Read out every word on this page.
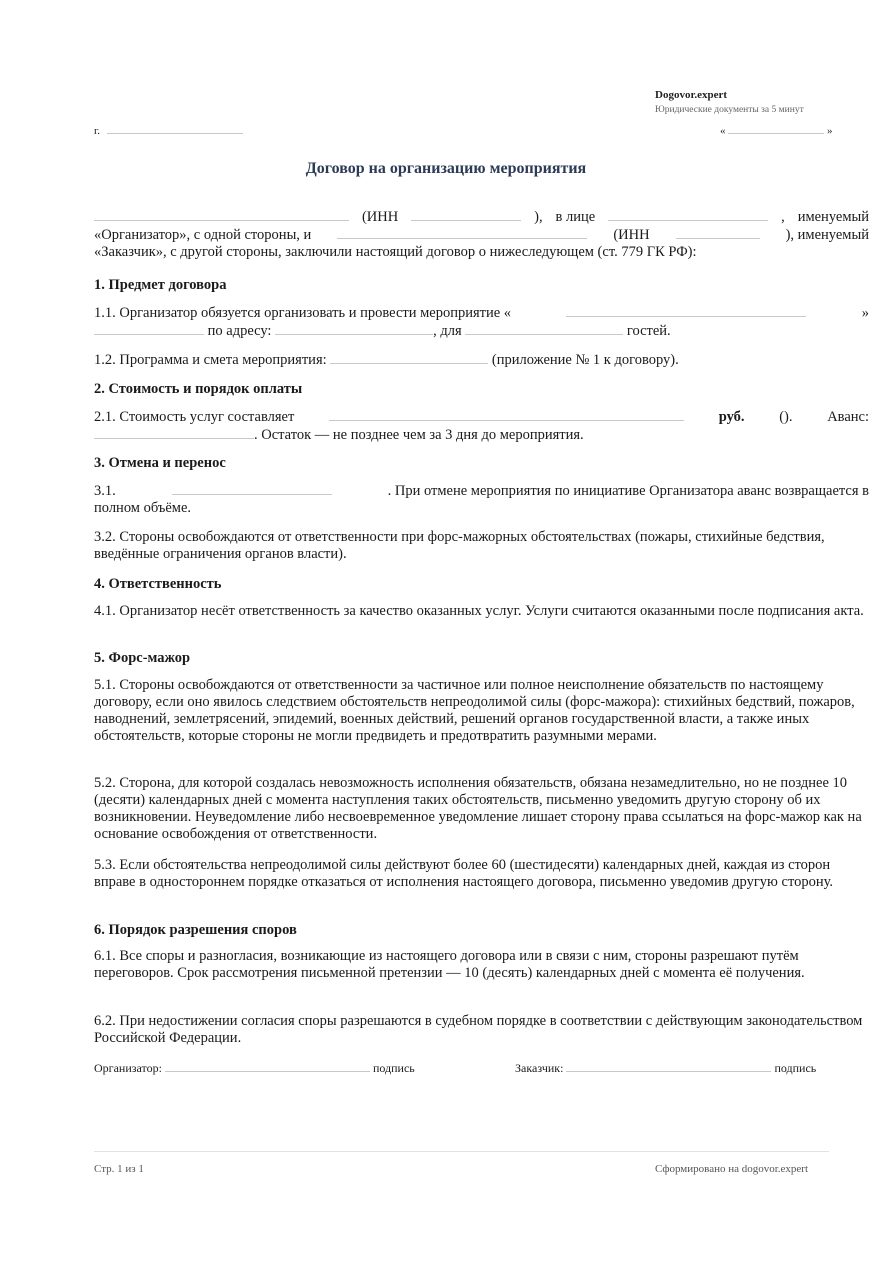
Dogovor.expert
Юридические документы за 5 минут
г.	«	»
Договор на организацию мероприятия
(ИНН	), в лице	, именуемый
«Организатор», с одной стороны, и	(ИНН	), именуемый
«Заказчик», с другой стороны, заключили настоящий договор о нижеследующем (ст. 779 ГК РФ):
1. Предмет договора
1.1. Организатор обязуется организовать и провести мероприятие «	»
по адресу:	, для	гостей.
1.2. Программа и смета мероприятия:	(приложение № 1 к договору).
2. Стоимость и порядок оплаты
2.1. Стоимость услуг составляет	руб. (). Аванс:
. Остаток — не позднее чем за 3 дня до мероприятия.
3. Отмена и перенос
3.1.	. При отмене мероприятия по инициативе Организатора аванс возвращается в
полном объёме.
3.2. Стороны освобождаются от ответственности при форс-мажорных обстоятельствах (пожары, стихийные бедствия, введённые ограничения органов власти).
4. Ответственность
4.1. Организатор несёт ответственность за качество оказанных услуг. Услуги считаются оказанными после подписания акта.
5. Форс-мажор
5.1. Стороны освобождаются от ответственности за частичное или полное неисполнение обязательств по настоящему договору, если оно явилось следствием обстоятельств непреодолимой силы (форс-мажора): стихийных бедствий, пожаров, наводнений, землетрясений, эпидемий, военных действий, решений органов государственной власти, а также иных обстоятельств, которые стороны не могли предвидеть и предотвратить разумными мерами.
5.2. Сторона, для которой создалась невозможность исполнения обязательств, обязана незамедлительно, но не позднее 10 (десяти) календарных дней с момента наступления таких обстоятельств, письменно уведомить другую сторону об их возникновении. Неуведомление либо несвоевременное уведомление лишает сторону права ссылаться на форс-мажор как на основание освобождения от ответственности.
5.3. Если обстоятельства непреодолимой силы действуют более 60 (шестидесяти) календарных дней, каждая из сторон вправе в одностороннем порядке отказаться от исполнения настоящего договора, письменно уведомив другую сторону.
6. Порядок разрешения споров
6.1. Все споры и разногласия, возникающие из настоящего договора или в связи с ним, стороны разрешают путём переговоров. Срок рассмотрения письменной претензии — 10 (десять) календарных дней с момента её получения.
6.2. При недостижении согласия споры разрешаются в судебном порядке в соответствии с действующим законодательством Российской Федерации.
Организатор:	подпись	Заказчик:	подпись
Стр. 1 из 1	Сформировано на dogovor.expert
